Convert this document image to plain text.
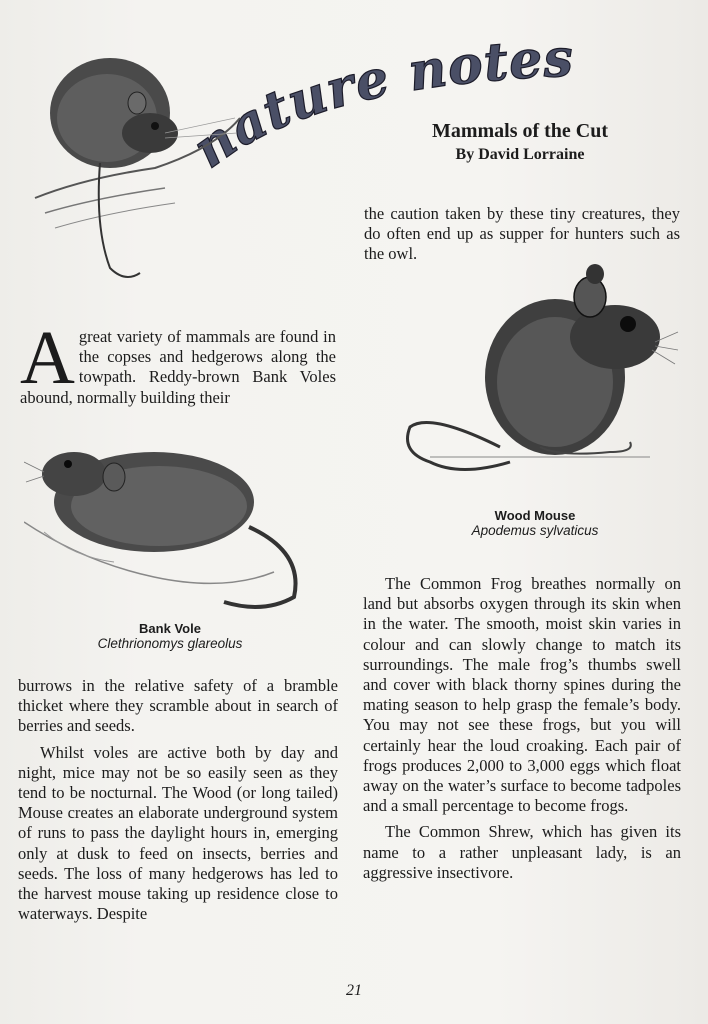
ature notes
Mammals of the Cut
By David Lorraine

the caution taken by these tiny creatures, they do often end up as supper for hunters such as the owl.

Wood Mouse
Apodemus sylvaticus
A great variety of mammals are found in the copses and hedgerows along the towpath. Reddy-brown Bank Voles abound, normally building their
Bank Vole
Clethrionomys glareolus

burrows in the relative safety of a bramble thicket where they scramble about in search of berries and seeds.

Whilst voles are active both by day and night, mice may not be so easily seen as they tend to be nocturnal. The Wood (or long tailed) Mouse creates an elaborate underground system of runs to pass the daylight hours in, emerging only at dusk to feed on insects, berries and seeds. The loss of many hedgerows has led to the harvest mouse taking up residence close to waterways. Despite

The Common Frog breathes normally on land but absorbs oxygen through its skin when in the water. The smooth, moist skin varies in colour and can slowly change to match its surroundings. The male frog’s thumbs swell and cover with black thorny spines during the mating season to help grasp the female’s body. You may not see these frogs, but you will certainly hear the loud croaking. Each pair of frogs produces 2,000 to 3,000 eggs which float away on the water’s surface to become tadpoles and a small percentage to become frogs.

The Common Shrew, which has given its name to a rather unpleasant lady, is an aggressive insectivore.

21
